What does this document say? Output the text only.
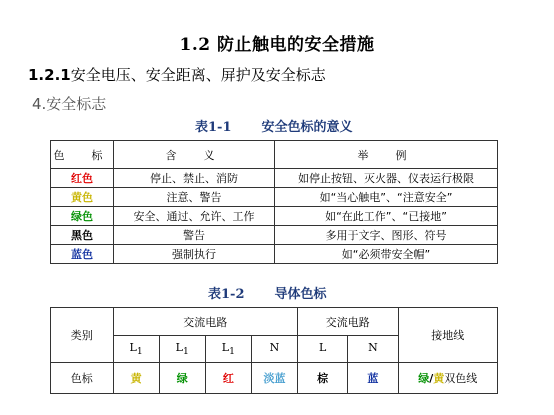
1.2 防止触电的安全措施
1.2.1安全电压、安全距离、屏护及安全标志
4.安全标志
表1-1 安全色标的意义
色　标	含　义	举　例
红色	停止、禁止、消防	如停止按钮、灭火器、仪表运行极限
黄色	注意、警告	如“当心触电”、“注意安全”
绿色	安全、通过、允许、工作	如“在此工作”、“已接地”
黑色	警告	多用于文字、图形、符号
蓝色	强制执行	如“必须带安全帽”
表1-2 导体色标
类别	交流电路				交流电路		接地线
	$L_1$	$L_1$	$L_1$	N	L	N	
色标	黄	绿	红	淡蓝	棕	蓝	绿/黄双色线
